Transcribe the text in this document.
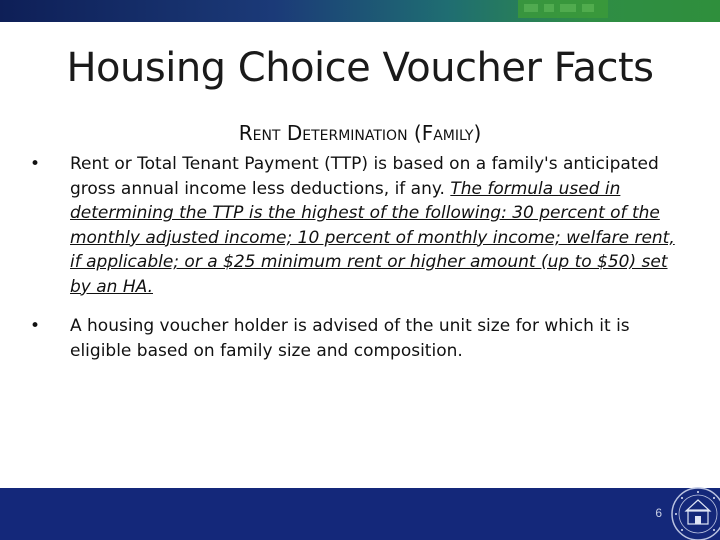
Housing Choice Voucher Facts
Rent Determination (Family)
•	Rent or Total Tenant Payment (TTP) is based on a family's anticipated gross annual income less deductions, if any. The formula used in determining the TTP is the highest of the following: 30 percent of the monthly adjusted income; 10 percent of monthly income; welfare rent, if applicable; or a $25 minimum rent or higher amount (up to $50) set by an HA.
•	A housing voucher holder is advised of the unit size for which it is eligible based on family size and composition.
6
